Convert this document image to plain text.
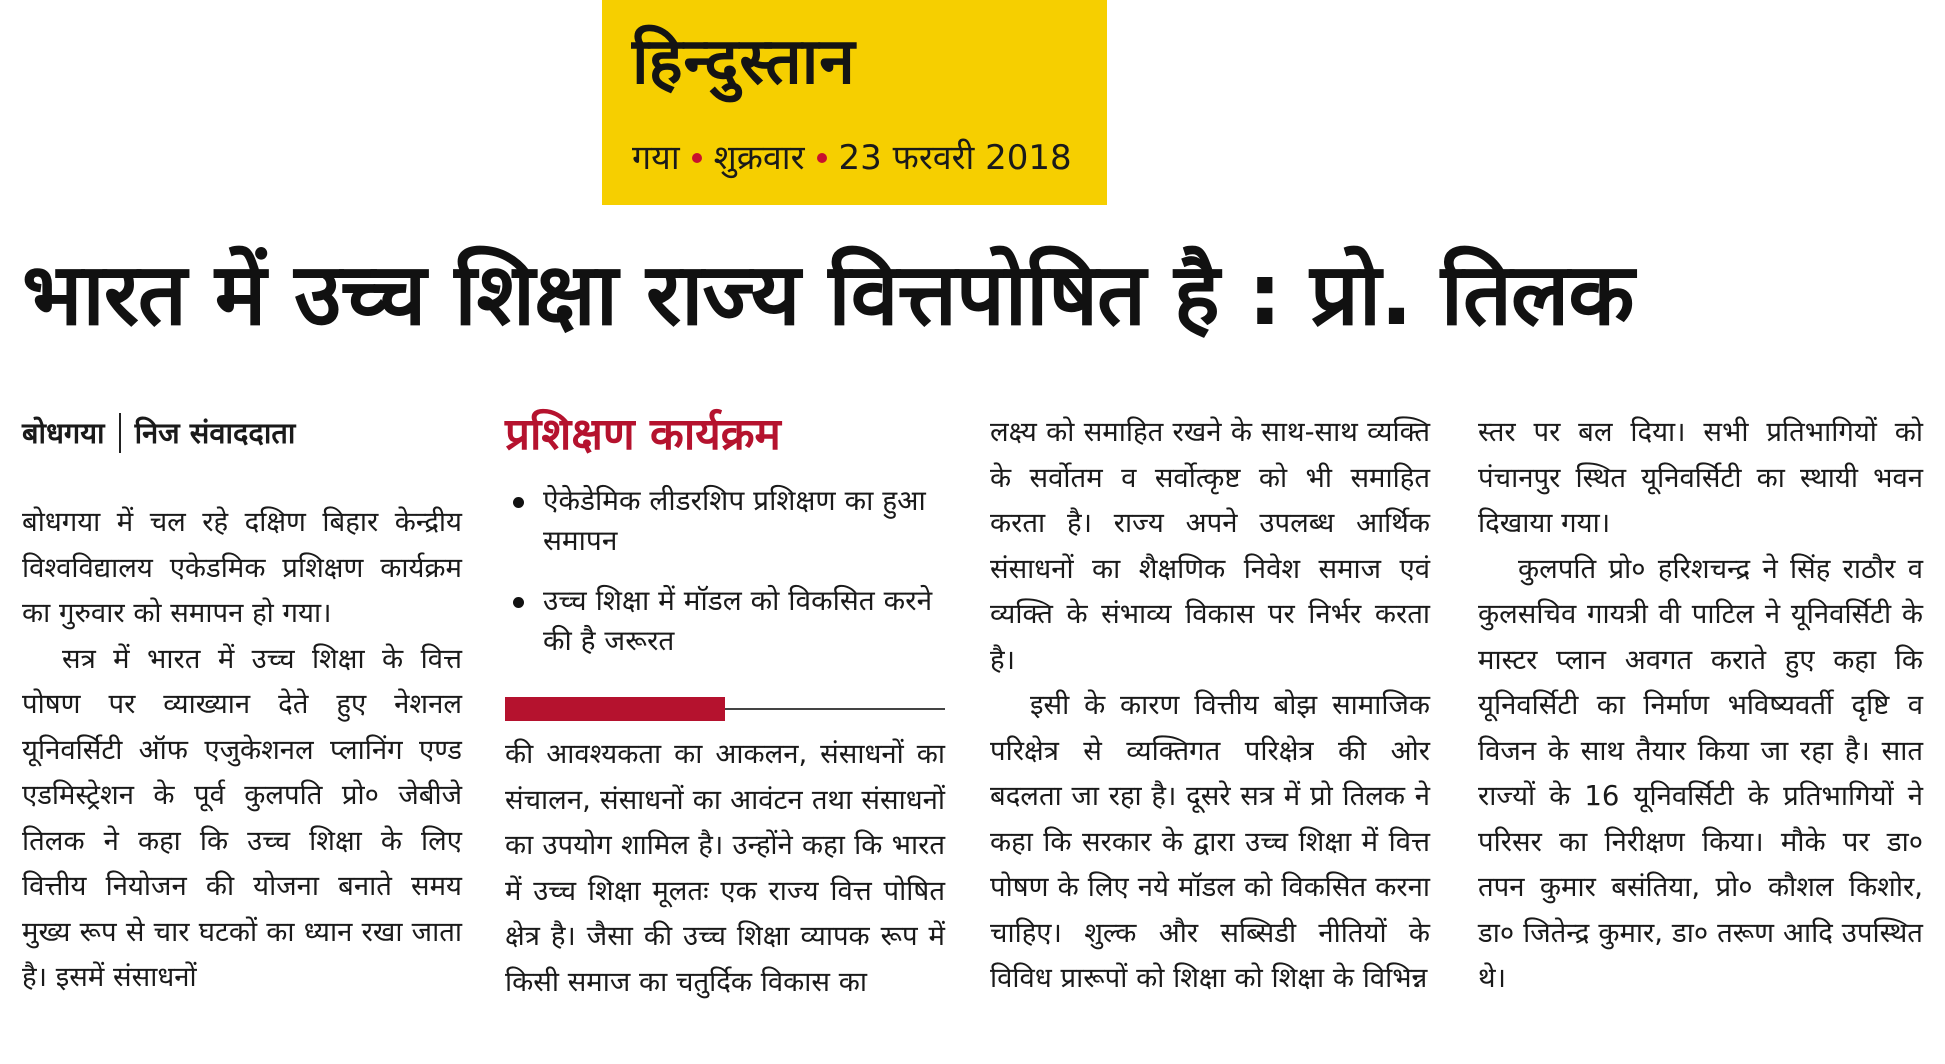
हिन्दुस्तान
गया शुक्रवार 23 फरवरी 2018
भारत में उच्च शिक्षा राज्य वित्तपोषित है : प्रो. तिलक
बोधगया निज संवाददाता

बोधगया में चल रहे दक्षिण बिहार केन्द्रीय विश्वविद्यालय एकेडमिक प्रशिक्षण कार्यक्रम का गुरुवार को समापन हो गया।

सत्र में भारत में उच्च शिक्षा के वित्त पोषण पर व्याख्यान देते हुए नेशनल यूनिवर्सिटी ऑफ एजुकेशनल प्लानिंग एण्ड एडमिस्ट्रेशन के पूर्व कुलपति प्रो० जेबीजे तिलक ने कहा कि उच्च शिक्षा के लिए वित्तीय नियोजन की योजना बनाते समय मुख्य रूप से चार घटकों का ध्यान रखा जाता है। इसमें संसाधनों

प्रशिक्षण कार्यक्रम
ऐकेडेमिक लीडरशिप प्रशिक्षण का हुआ समापन
उच्च शिक्षा में मॉडल को विकसित करने की है जरूरत

की आवश्यकता का आकलन, संसाधनों का संचालन, संसाधनों का आवंटन तथा संसाधनों का उपयोग शामिल है। उन्होंने कहा कि भारत में उच्च शिक्षा मूलतः एक राज्य वित्त पोषित क्षेत्र है। जैसा की उच्च शिक्षा व्यापक रूप में किसी समाज का चतुर्दिक विकास का

लक्ष्य को समाहित रखने के साथ-साथ व्यक्ति के सर्वोतम व सर्वोत्कृष्ट को भी समाहित करता है। राज्य अपने उपलब्ध आर्थिक संसाधनों का शैक्षणिक निवेश समाज एवं व्यक्ति के संभाव्य विकास पर निर्भर करता है।

इसी के कारण वित्तीय बोझ सामाजिक परिक्षेत्र से व्यक्तिगत परिक्षेत्र की ओर बदलता जा रहा है। दूसरे सत्र में प्रो तिलक ने कहा कि सरकार के द्वारा उच्च शिक्षा में वित्त पोषण के लिए नये मॉडल को विकसित करना चाहिए। शुल्क और सब्सिडी नीतियों के विविध प्रारूपों को शिक्षा को शिक्षा के विभिन्न

स्तर पर बल दिया। सभी प्रतिभागियों को पंचानपुर स्थित यूनिवर्सिटी का स्थायी भवन दिखाया गया।

कुलपति प्रो० हरिशचन्द्र ने सिंह राठौर व कुलसचिव गायत्री वी पाटिल ने यूनिवर्सिटी के मास्टर प्लान अवगत कराते हुए कहा कि यूनिवर्सिटी का निर्माण भविष्यवर्ती दृष्टि व विजन के साथ तैयार किया जा रहा है। सात राज्यों के 16 यूनिवर्सिटी के प्रतिभागियों ने परिसर का निरीक्षण किया। मौके पर डा० तपन कुमार बसंतिया, प्रो० कौशल किशोर, डा० जितेन्द्र कुमार, डा० तरूण आदि उपस्थित थे।
